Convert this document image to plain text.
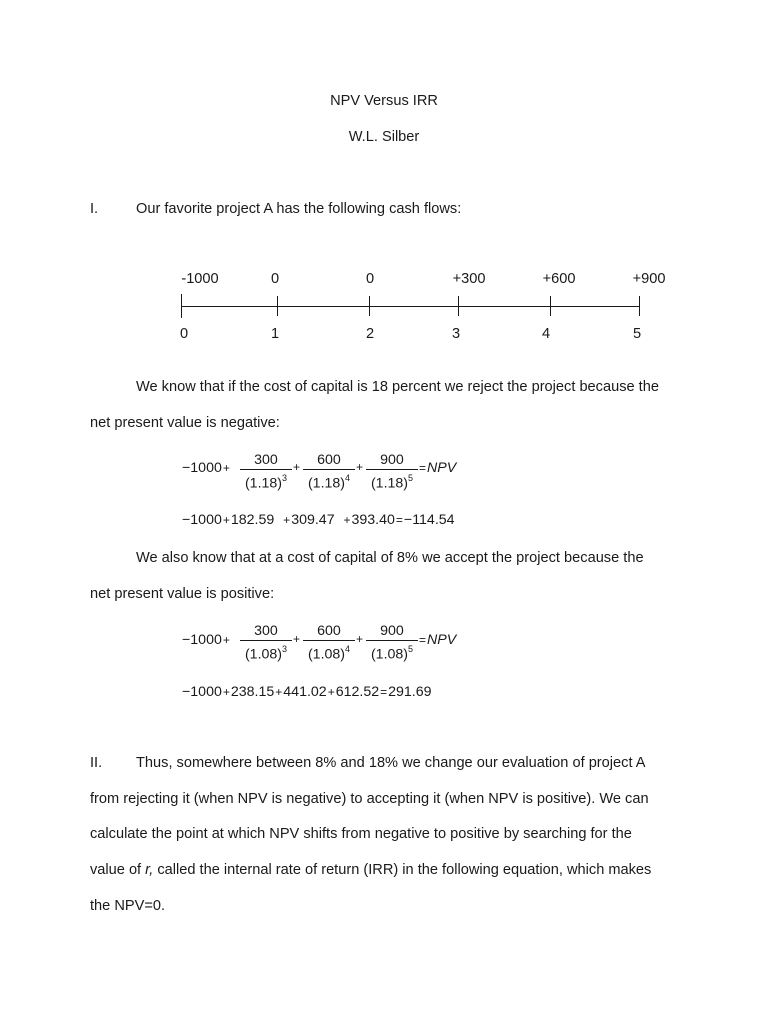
NPV Versus IRR
W.L. Silber
I.	Our favorite project A has the following cash flows:
-1000	0	0	+300	+600	+900
0	1	2	3	4	5
We know that if the cost of capital is 18 percent we reject the project because the
net present value is negative:
−1000+	300
$(1.18)^3$
+	600
$(1.18)^4$
+	900
$(1.18)^5$
=NPV
−1000+182.59 +309.47 +393.40=−114.54
We also know that at a cost of capital of 8% we accept the project because the
net present value is positive:
−1000+
300
$(1.08)^3$
+	600
$(1.08)^4$
+	900
$(1.08)^5$
=NPV
−1000+238.15+441.02+612.52=291.69
II. Thus, somewhere between 8% and 18% we change our evaluation of project A
from rejecting it (when NPV is negative) to accepting it (when NPV is positive). We can
calculate the point at which NPV shifts from negative to positive by searching for the
value of r, called the internal rate of return (IRR) in the following equation, which makes
the NPV=0.
